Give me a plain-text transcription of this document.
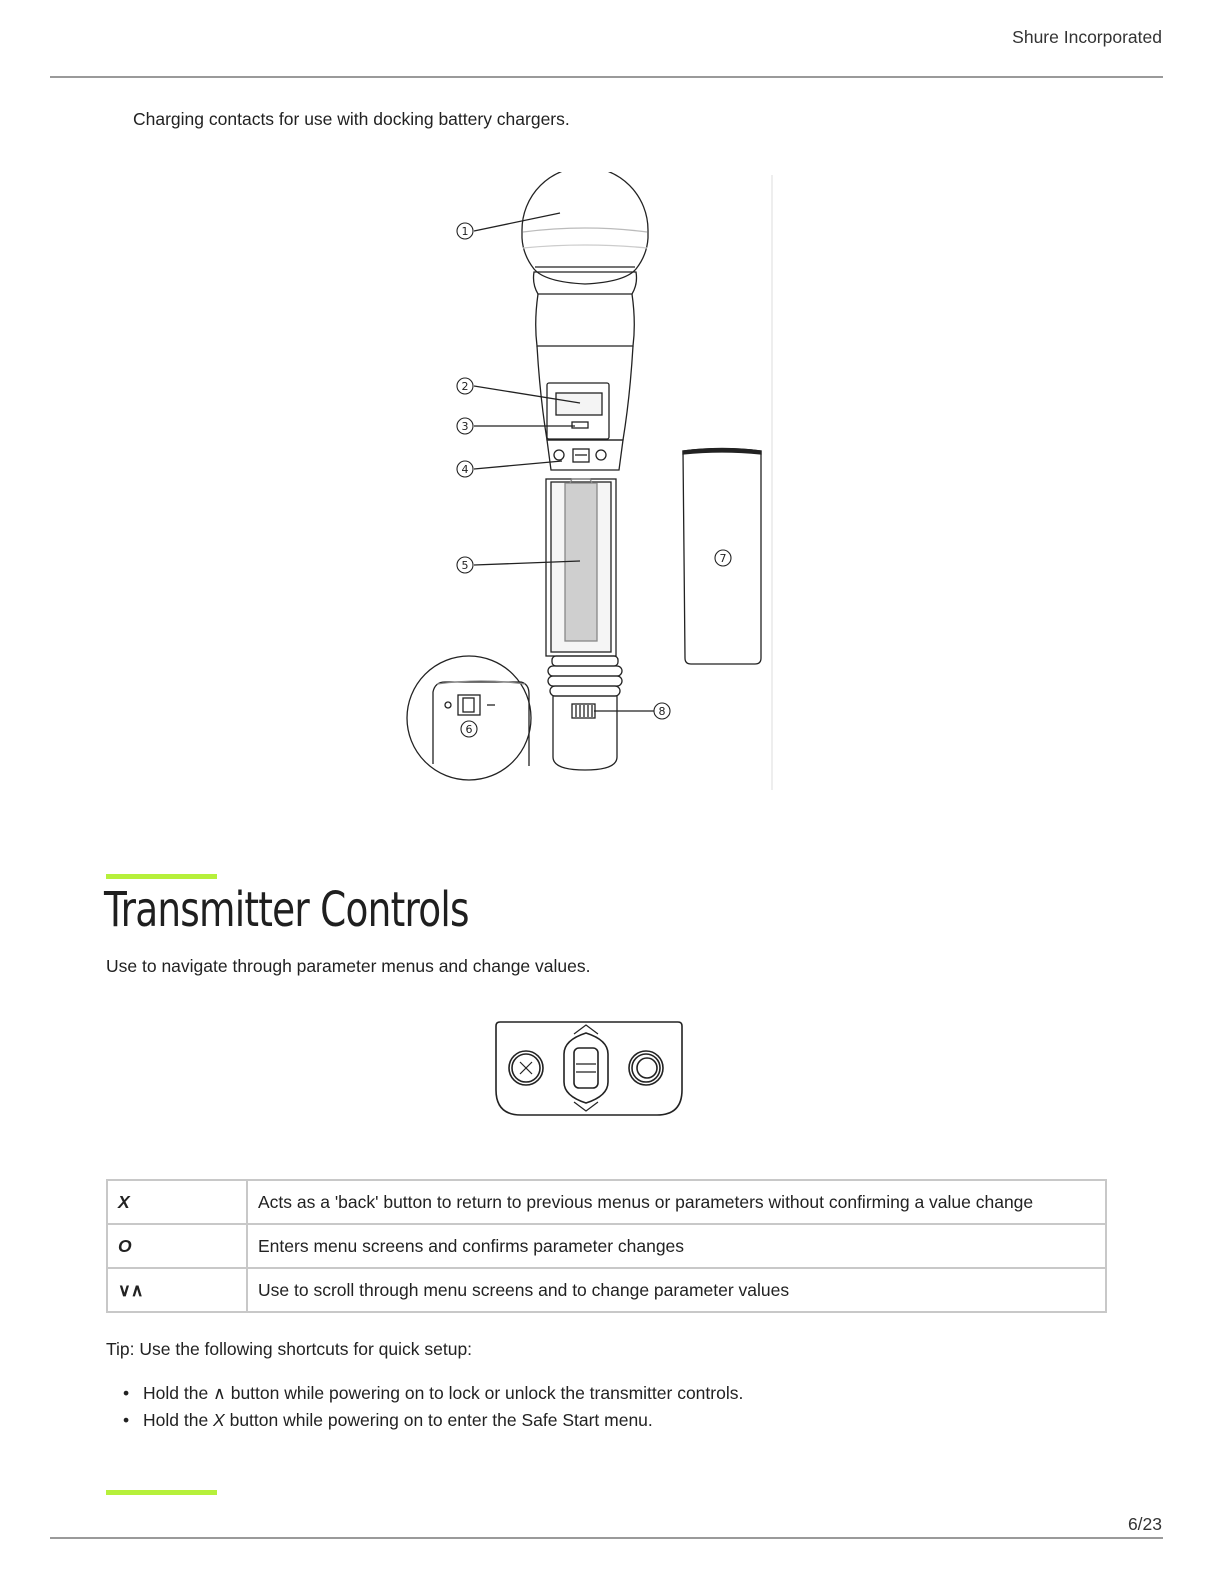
Shure Incorporated
Charging contacts for use with docking battery chargers.
1
2
3
4
5
6
7
8
Transmitter Controls
Use to navigate through parameter menus and change values.
X	Acts as a 'back' button to return to previous menus or parameters without confirming a value change
O	Enters menu screens and confirms parameter changes
∨∧	Use to scroll through menu screens and to change parameter values
Tip: Use the following shortcuts for quick setup:
• Hold the ∧ button while powering on to lock or unlock the transmitter controls.
• Hold the X button while powering on to enter the Safe Start menu.
6/23
